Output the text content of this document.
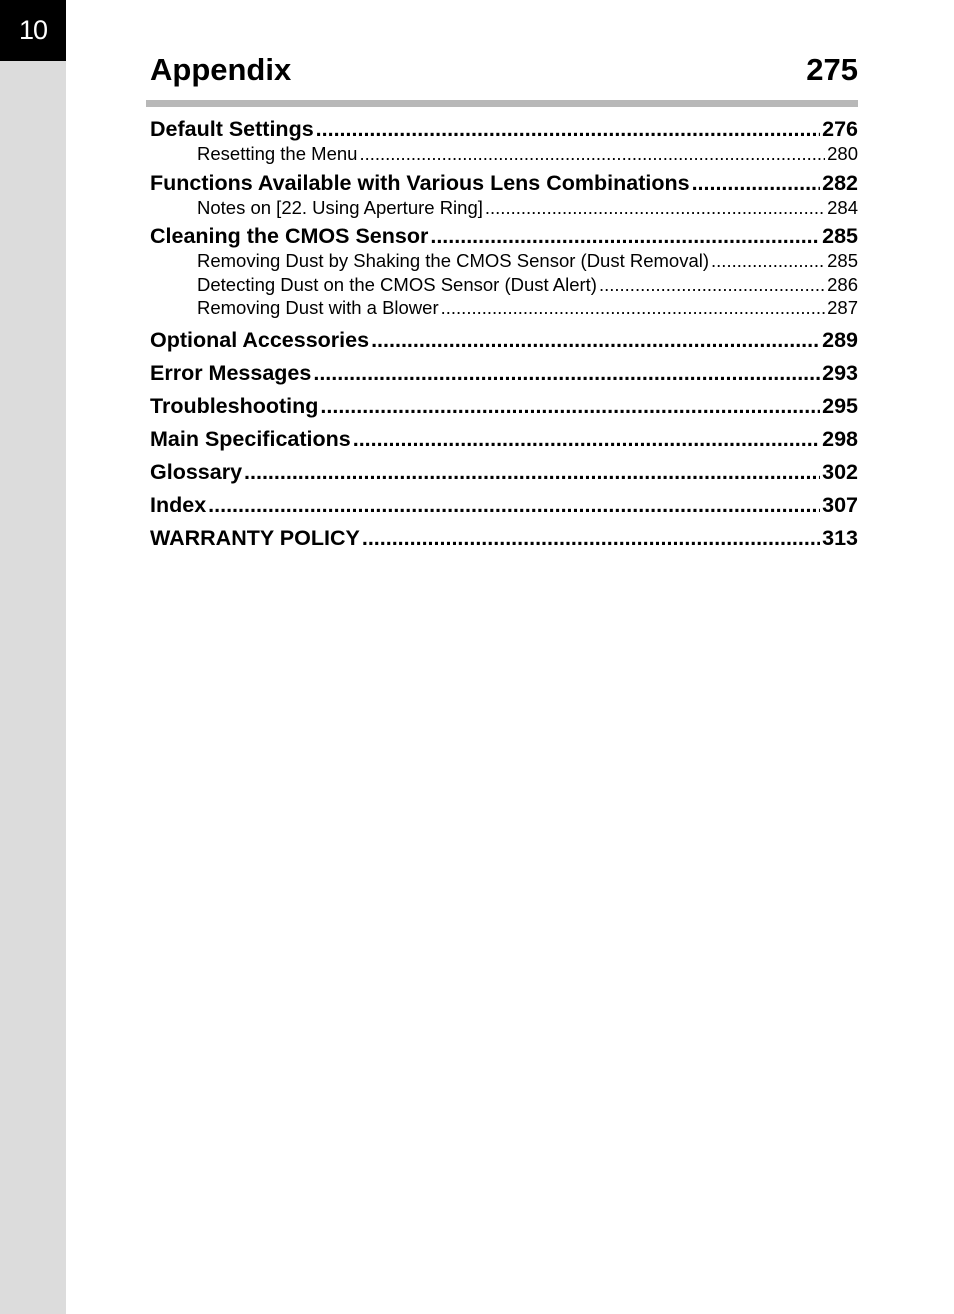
10
Appendix	275
Default Settings .....	276
Resetting the Menu .....	280
Functions Available with Various Lens Combinations .....	282
Notes on [22. Using Aperture Ring] .....	284
Cleaning the CMOS Sensor .....	285
Removing Dust by Shaking the CMOS Sensor (Dust Removal) .....	285
Detecting Dust on the CMOS Sensor (Dust Alert) .....	286
Removing Dust with a Blower .....	287
Optional Accessories .....	289
Error Messages .....	293
Troubleshooting .....	295
Main Specifications .....	298
Glossary .....	302
Index .....	307
WARRANTY POLICY .....	313
